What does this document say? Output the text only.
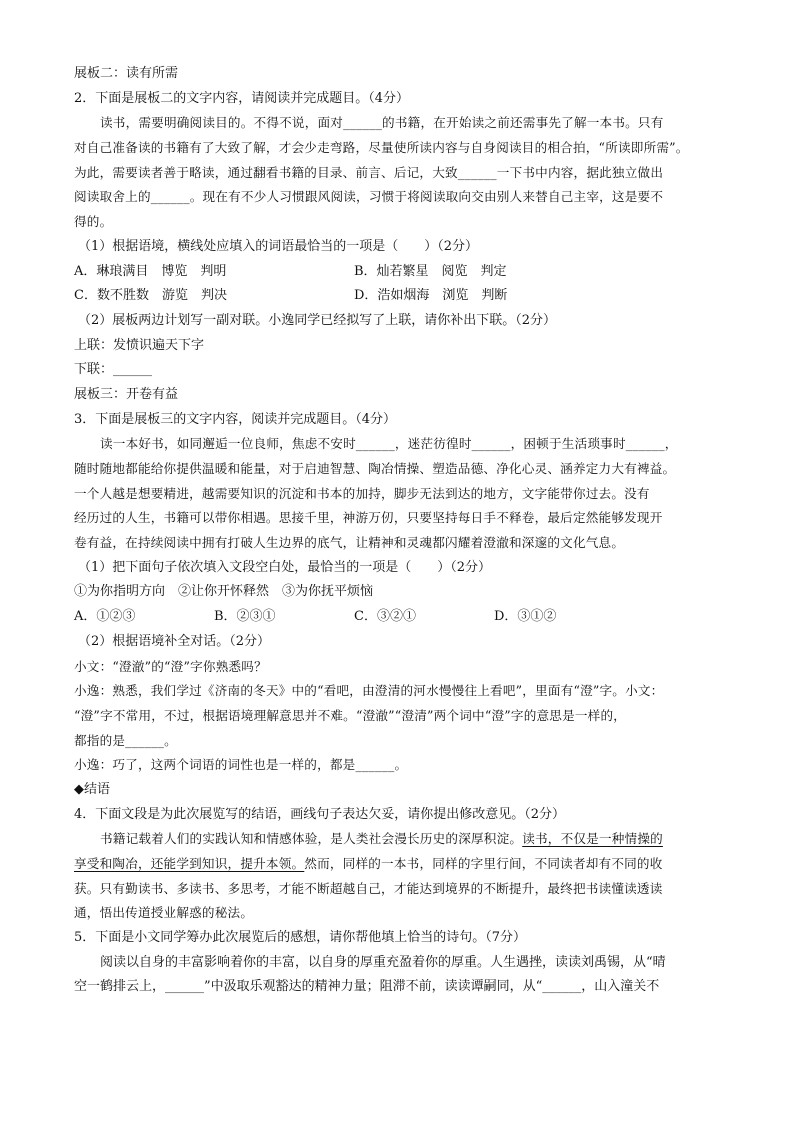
展板二：读有所需
2．下面是展板二的文字内容，请阅读并完成题目。（4分）
读书，需要明确阅读目的。不得不说，面对______的书籍，在开始读之前还需事先了解一本书。只有
对自己准备读的书籍有了大致了解，才会少走弯路，尽量使所读内容与自身阅读目的相合拍，“所读即所需”。
为此，需要读者善于略读，通过翻看书籍的目录、前言、后记，大致______一下书中内容，据此独立做出
阅读取舍上的______。现在有不少人习惯跟风阅读，习惯于将阅读取向交由别人来替自己主宰，这是要不
得的。
（1）根据语境，横线处应填入的词语最恰当的一项是（　　）（2分）
A．琳琅满目　博览　判明	B．灿若繁星　阅览　判定
C．数不胜数　游览　判决	D．浩如烟海　浏览　判断
（2）展板两边计划写一副对联。小逸同学已经拟写了上联，请你补出下联。（2分）
上联：发愤识遍天下字
下联：______
展板三：开卷有益
3．下面是展板三的文字内容，阅读并完成题目。（4分）
读一本好书，如同邂逅一位良师，焦虑不安时______，迷茫彷徨时______，困顿于生活琐事时______，
随时随地都能给你提供温暖和能量，对于启迪智慧、陶冶情操、塑造品德、净化心灵、涵养定力大有裨益。
一个人越是想要精进，越需要知识的沉淀和书本的加持，脚步无法到达的地方，文字能带你过去。没有
经历过的人生，书籍可以带你相遇。思接千里，神游万仞，只要坚持每日手不释卷，最后定然能够发现开
卷有益，在持续阅读中拥有打破人生边界的底气，让精神和灵魂都闪耀着澄澈和深邃的文化气息。
（1）把下面句子依次填入文段空白处，最恰当的一项是（　　）（2分）
①为你指明方向　②让你开怀释然　③为你抚平烦恼
A．①②③	B．②③①	C．③②①	D．③①②
（2）根据语境补全对话。（2分）
小文：“澄澈”的“澄”字你熟悉吗？
小逸：熟悉，我们学过《济南的冬天》中的“看吧，由澄清的河水慢慢往上看吧”，里面有“澄”字。小文：
“澄”字不常用，不过，根据语境理解意思并不难。“澄澈”“澄清”两个词中“澄”字的意思是一样的，
都指的是______。
小逸：巧了，这两个词语的词性也是一样的，都是______。
◆结语
4．下面文段是为此次展览写的结语，画线句子表达欠妥，请你提出修改意见。（2分）
书籍记载着人们的实践认知和情感体验，是人类社会漫长历史的深厚积淀。读书，不仅是一种情操的
享受和陶冶，还能学到知识，提升本领。然而，同样的一本书，同样的字里行间，不同读者却有不同的收
获。只有勤读书、多读书、多思考，才能不断超越自己，才能达到境界的不断提升，最终把书读懂读透读
通，悟出传道授业解惑的秘法。
5．下面是小文同学筹办此次展览后的感想，请你帮他填上恰当的诗句。（7分）
阅读以自身的丰富影响着你的丰富，以自身的厚重充盈着你的厚重。人生遇挫，读读刘禹锡，从“晴
空一鹤排云上，______”中汲取乐观豁达的精神力量；阻滞不前，读读谭嗣同，从“______，山入潼关不
